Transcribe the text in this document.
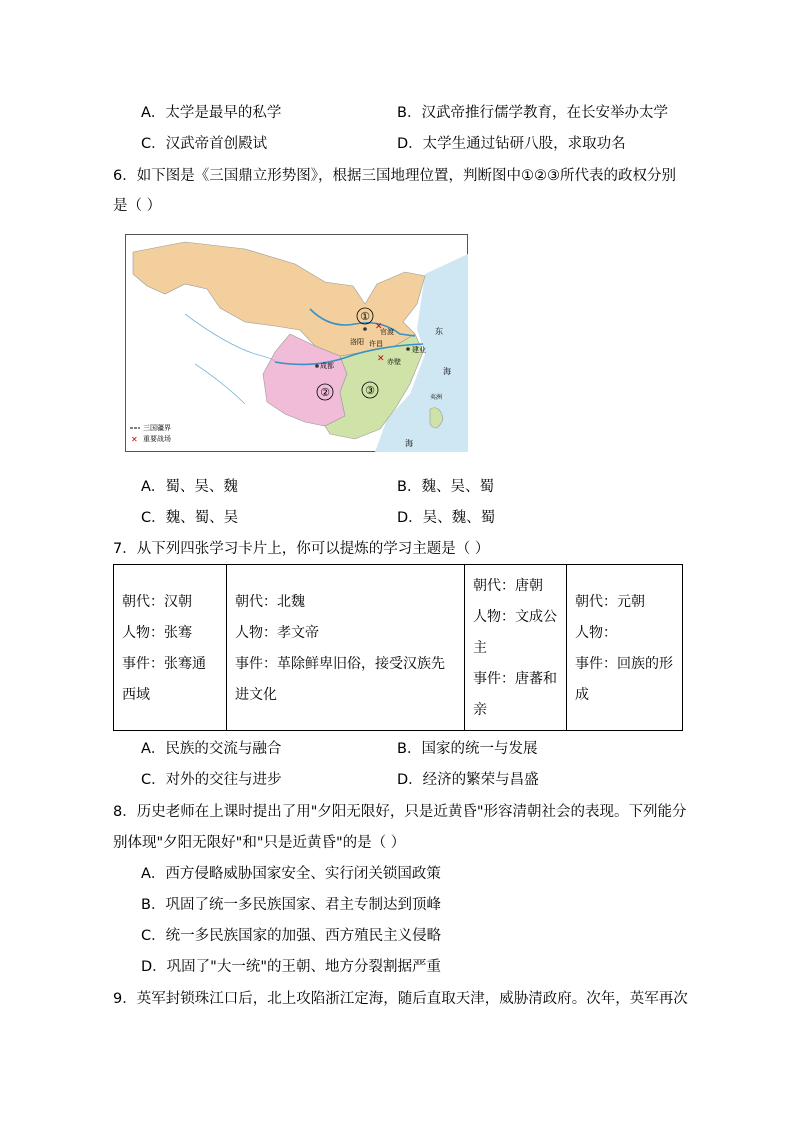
A．太学是最早的私学	B．汉武帝推行儒学教育，在长安举办太学
C．汉武帝首创殿试	D．太学生通过钻研八股，求取功名
6．如下图是《三国鼎立形势图》，根据三国地理位置，判断图中①②③所代表的政权分别
是（ ）
①
②	③
洛阳 许昌
官渡
✕
成都
建业
✕ 赤壁
东
海
夷洲
海
三国疆界
✕ 重要战场
A．蜀、吴、魏	B．魏、吴、蜀
C．魏、蜀、吴	D．吴、魏、蜀
7．从下列四张学习卡片上，你可以提炼的学习主题是（ ）
朝代：汉朝
人物：张骞
事件：张骞通西域

朝代：北魏
人物：孝文帝
事件：革除鲜卑旧俗，接受汉族先进文化

朝代：唐朝
人物：文成公主
事件：唐蕃和亲

朝代：元朝
人物：
事件：回族的形成
A．民族的交流与融合	B．国家的统一与发展
C．对外的交往与进步	D．经济的繁荣与昌盛
8．历史老师在上课时提出了用"夕阳无限好，只是近黄昏"形容清朝社会的表现。下列能分
别体现"夕阳无限好"和"只是近黄昏"的是（ ）
A．西方侵略威胁国家安全、实行闭关锁国政策
B．巩固了统一多民族国家、君主专制达到顶峰
C．统一多民族国家的加强、西方殖民主义侵略
D．巩固了"大一统"的王朝、地方分裂割据严重
9．英军封锁珠江口后，北上攻陷浙江定海，随后直取天津，威胁清政府。次年，英军再次
